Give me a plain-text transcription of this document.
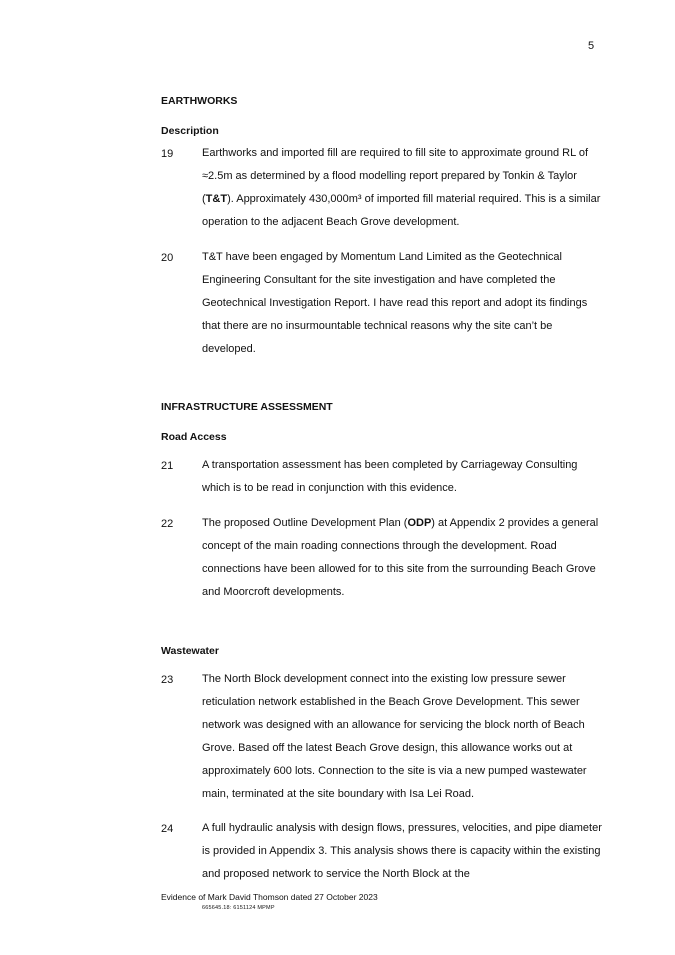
5
EARTHWORKS
Description
19	Earthworks and imported fill are required to fill site to approximate ground RL of ≈2.5m as determined by a flood modelling report prepared by Tonkin & Taylor (T&T). Approximately 430,000m³ of imported fill material required. This is a similar operation to the adjacent Beach Grove development.
20	T&T have been engaged by Momentum Land Limited as the Geotechnical Engineering Consultant for the site investigation and have completed the Geotechnical Investigation Report. I have read this report and adopt its findings that there are no insurmountable technical reasons why the site can’t be developed.
INFRASTRUCTURE ASSESSMENT
Road Access
21	A transportation assessment has been completed by Carriageway Consulting which is to be read in conjunction with this evidence.
22	The proposed Outline Development Plan (ODP) at Appendix 2 provides a general concept of the main roading connections through the development. Road connections have been allowed for to this site from the surrounding Beach Grove and Moorcroft developments.
Wastewater
23	The North Block development connect into the existing low pressure sewer reticulation network established in the Beach Grove Development. This sewer network was designed with an allowance for servicing the block north of Beach Grove. Based off the latest Beach Grove design, this allowance works out at approximately 600 lots. Connection to the site is via a new pumped wastewater main, terminated at the site boundary with Isa Lei Road.
24	A full hydraulic analysis with design flows, pressures, velocities, and pipe diameter is provided in Appendix 3. This analysis shows there is capacity within the existing and proposed network to service the North Block at the
Evidence of Mark David Thomson dated 27 October 2023
665645.18: 6151124 MPMP
